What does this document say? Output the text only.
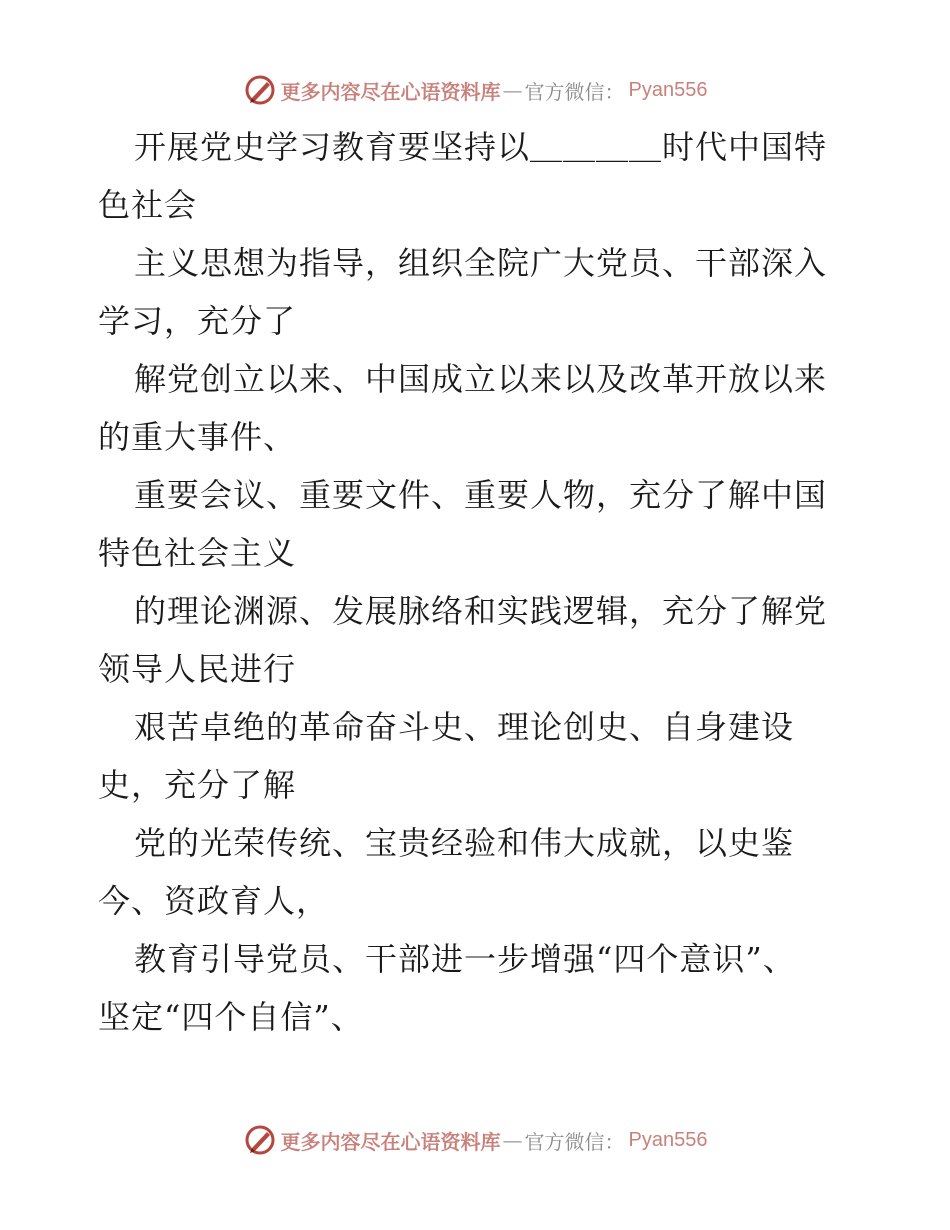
更多内容尽在心语资料库 — 官方微信： Pyan556
开展党史学习教育要坚持以＿＿＿＿时代中国特
色社会
主义思想为指导，组织全院广大党员、干部深入
学习，充分了
解党创立以来、中国成立以来以及改革开放以来
的重大事件、
重要会议、重要文件、重要人物，充分了解中国
特色社会主义
的理论渊源、发展脉络和实践逻辑，充分了解党
领导人民进行
艰苦卓绝的革命奋斗史、理论创史、自身建设
史，充分了解
党的光荣传统、宝贵经验和伟大成就，以史鉴
今、资政育人，
教育引导党员、干部进一步增强“四个意识”、
坚定“四个自信”、
更多内容尽在心语资料库 — 官方微信： Pyan556
